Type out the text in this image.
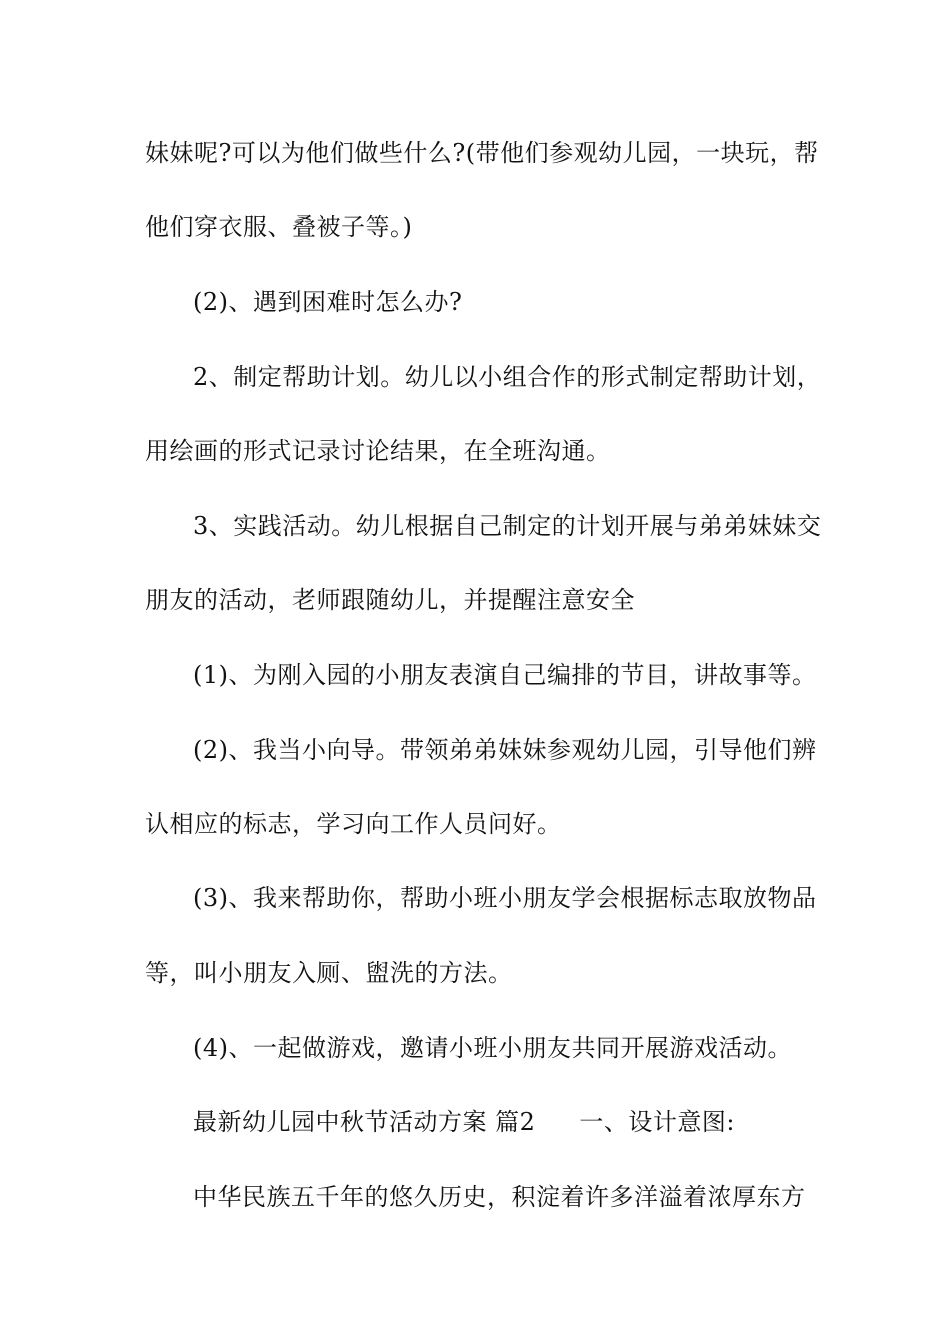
妹妹呢?可以为他们做些什么?(带他们参观幼儿园，一块玩，帮
他们穿衣服、叠被子等。)
(2)、遇到困难时怎么办?
2、制定帮助计划。幼儿以小组合作的形式制定帮助计划，
用绘画的形式记录讨论结果，在全班沟通。
3、实践活动。幼儿根据自己制定的计划开展与弟弟妹妹交
朋友的活动，老师跟随幼儿，并提醒注意安全
(1)、为刚入园的小朋友表演自己编排的节目，讲故事等。
(2)、我当小向导。带领弟弟妹妹参观幼儿园，引导他们辨
认相应的标志，学习向工作人员问好。
(3)、我来帮助你，帮助小班小朋友学会根据标志取放物品
等，叫小朋友入厕、盥洗的方法。
(4)、一起做游戏，邀请小班小朋友共同开展游戏活动。
最新幼儿园中秋节活动方案 篇2 一、设计意图:
中华民族五千年的悠久历史，积淀着许多洋溢着浓厚东方
